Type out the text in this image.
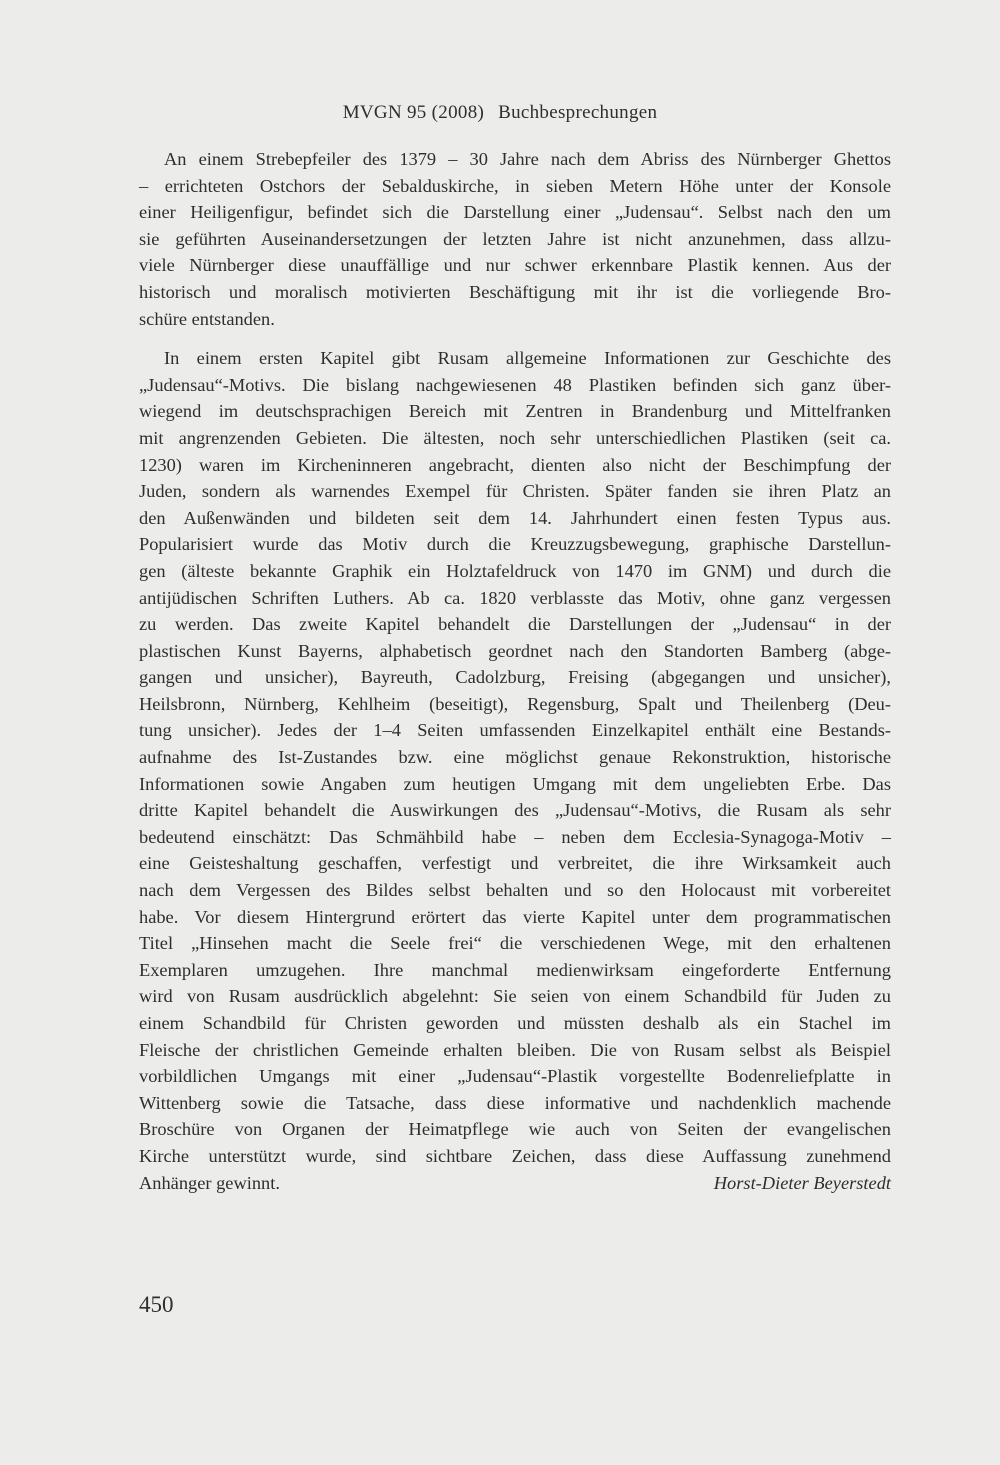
MVGN 95 (2008) Buchbesprechungen
An einem Strebepfeiler des 1379 – 30 Jahre nach dem Abriss des Nürnberger Ghettos
– errichteten Ostchors der Sebalduskirche, in sieben Metern Höhe unter der Konsole
einer Heiligenfigur, befindet sich die Darstellung einer „Judensau“. Selbst nach den um
sie geführten Auseinandersetzungen der letzten Jahre ist nicht anzunehmen, dass allzu-
viele Nürnberger diese unauffällige und nur schwer erkennbare Plastik kennen. Aus der
historisch und moralisch motivierten Beschäftigung mit ihr ist die vorliegende Bro-
schüre entstanden.
In einem ersten Kapitel gibt Rusam allgemeine Informationen zur Geschichte des
„Judensau“-Motivs. Die bislang nachgewiesenen 48 Plastiken befinden sich ganz über-
wiegend im deutschsprachigen Bereich mit Zentren in Brandenburg und Mittelfranken
mit angrenzenden Gebieten. Die ältesten, noch sehr unterschiedlichen Plastiken (seit ca.
1230) waren im Kircheninneren angebracht, dienten also nicht der Beschimpfung der
Juden, sondern als warnendes Exempel für Christen. Später fanden sie ihren Platz an
den Außenwänden und bildeten seit dem 14. Jahrhundert einen festen Typus aus.
Popularisiert wurde das Motiv durch die Kreuzzugsbewegung, graphische Darstellun-
gen (älteste bekannte Graphik ein Holztafeldruck von 1470 im GNM) und durch die
antijüdischen Schriften Luthers. Ab ca. 1820 verblasste das Motiv, ohne ganz vergessen
zu werden. Das zweite Kapitel behandelt die Darstellungen der „Judensau“ in der
plastischen Kunst Bayerns, alphabetisch geordnet nach den Standorten Bamberg (abge-
gangen und unsicher), Bayreuth, Cadolzburg, Freising (abgegangen und unsicher),
Heilsbronn, Nürnberg, Kehlheim (beseitigt), Regensburg, Spalt und Theilenberg (Deu-
tung unsicher). Jedes der 1–4 Seiten umfassenden Einzelkapitel enthält eine Bestands-
aufnahme des Ist-Zustandes bzw. eine möglichst genaue Rekonstruktion, historische
Informationen sowie Angaben zum heutigen Umgang mit dem ungeliebten Erbe. Das
dritte Kapitel behandelt die Auswirkungen des „Judensau“-Motivs, die Rusam als sehr
bedeutend einschätzt: Das Schmähbild habe – neben dem Ecclesia-Synagoga-Motiv –
eine Geisteshaltung geschaffen, verfestigt und verbreitet, die ihre Wirksamkeit auch
nach dem Vergessen des Bildes selbst behalten und so den Holocaust mit vorbereitet
habe. Vor diesem Hintergrund erörtert das vierte Kapitel unter dem programmatischen
Titel „Hinsehen macht die Seele frei“ die verschiedenen Wege, mit den erhaltenen
Exemplaren umzugehen. Ihre manchmal medienwirksam eingeforderte Entfernung
wird von Rusam ausdrücklich abgelehnt: Sie seien von einem Schandbild für Juden zu
einem Schandbild für Christen geworden und müssten deshalb als ein Stachel im
Fleische der christlichen Gemeinde erhalten bleiben. Die von Rusam selbst als Beispiel
vorbildlichen Umgangs mit einer „Judensau“-Plastik vorgestellte Bodenreliefplatte in
Wittenberg sowie die Tatsache, dass diese informative und nachdenklich machende
Broschüre von Organen der Heimatpflege wie auch von Seiten der evangelischen
Kirche unterstützt wurde, sind sichtbare Zeichen, dass diese Auffassung zunehmend
Anhänger gewinnt.	Horst-Dieter Beyerstedt
450
